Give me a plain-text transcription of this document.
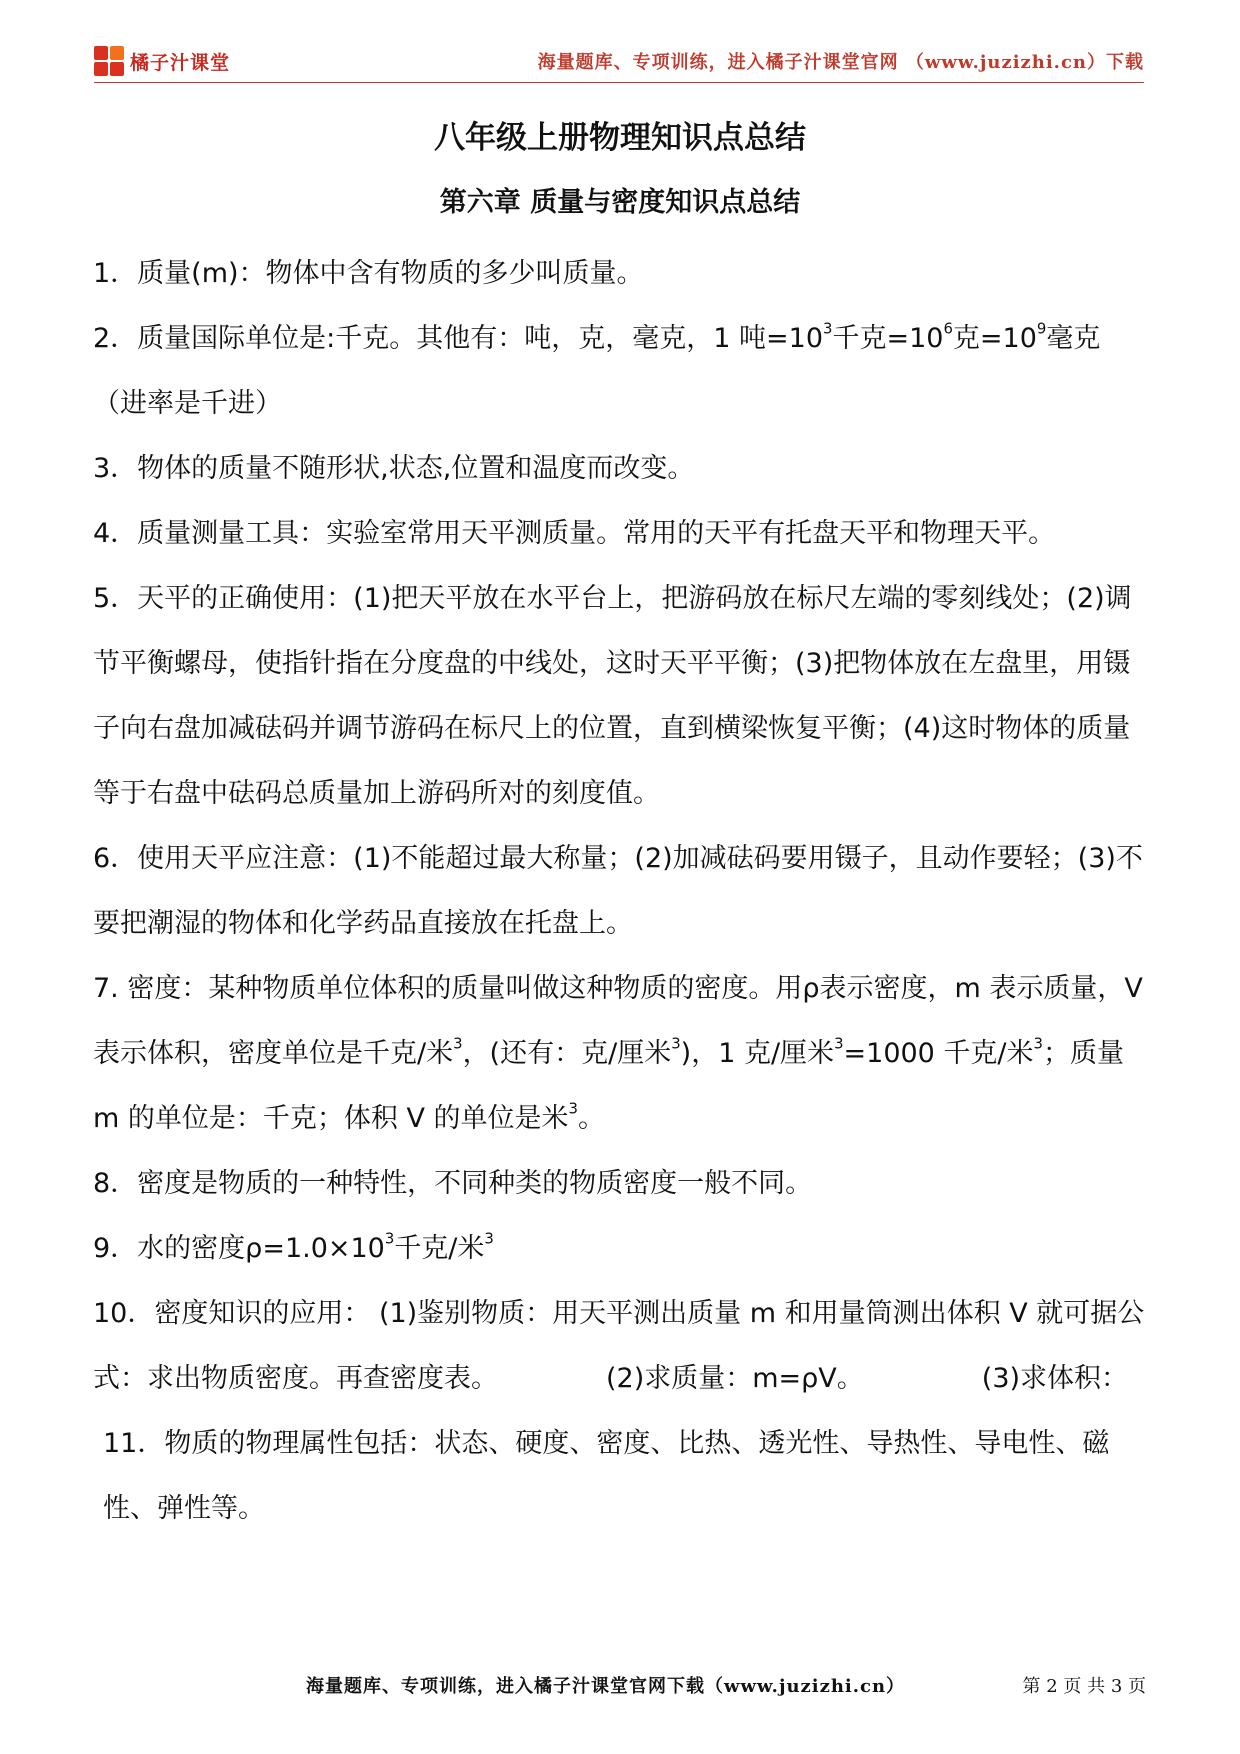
橘子汁课堂	海量题库、专项训练，进入橘子汁课堂官网 （www.juzizhi.cn）下载
八年级上册物理知识点总结
第六章 质量与密度知识点总结

1．质量(m)：物体中含有物质的多少叫质量。

2．质量国际单位是:千克。其他有：吨，克，毫克，1 吨$=10^3$千克$=10^6$克$=10^9$毫克（进率是千进）

3．物体的质量不随形状,状态,位置和温度而改变。

4．质量测量工具：实验室常用天平测质量。常用的天平有托盘天平和物理天平。

5．天平的正确使用：(1)把天平放在水平台上，把游码放在标尺左端的零刻线处；(2)调节平衡螺母，使指针指在分度盘的中线处，这时天平平衡；(3)把物体放在左盘里，用镊子向右盘加减砝码并调节游码在标尺上的位置，直到横梁恢复平衡；(4)这时物体的质量等于右盘中砝码总质量加上游码所对的刻度值。

6．使用天平应注意：(1)不能超过最大称量；(2)加减砝码要用镊子，且动作要轻；(3)不要把潮湿的物体和化学药品直接放在托盘上。

7. 密度：某种物质单位体积的质量叫做这种物质的密度。用ρ表示密度，m 表示质量，V 表示体积，密度单位是千克/米$^3$，(还有：克/厘米$^3$)，1 克/厘米$^3$=1000 千克/米$^3$；质量 m 的单位是：千克；体积 V 的单位是米$^3$。

8．密度是物质的一种特性，不同种类的物质密度一般不同。

9．水的密度$\rho=1.0\times 10^3$千克/米$^3$

10．密度知识的应用： (1)鉴别物质：用天平测出质量 m 和用量筒测出体积 V 就可据公式：求出物质密度。再查密度表。	(2)求质量：m=ρV。	(3)求体积：

11．物质的物理属性包括：状态、硬度、密度、比热、透光性、导热性、导电性、磁性、弹性等。

海量题库、专项训练，进入橘子汁课堂官网下载（www.juzizhi.cn）	第 2 页 共 3 页
